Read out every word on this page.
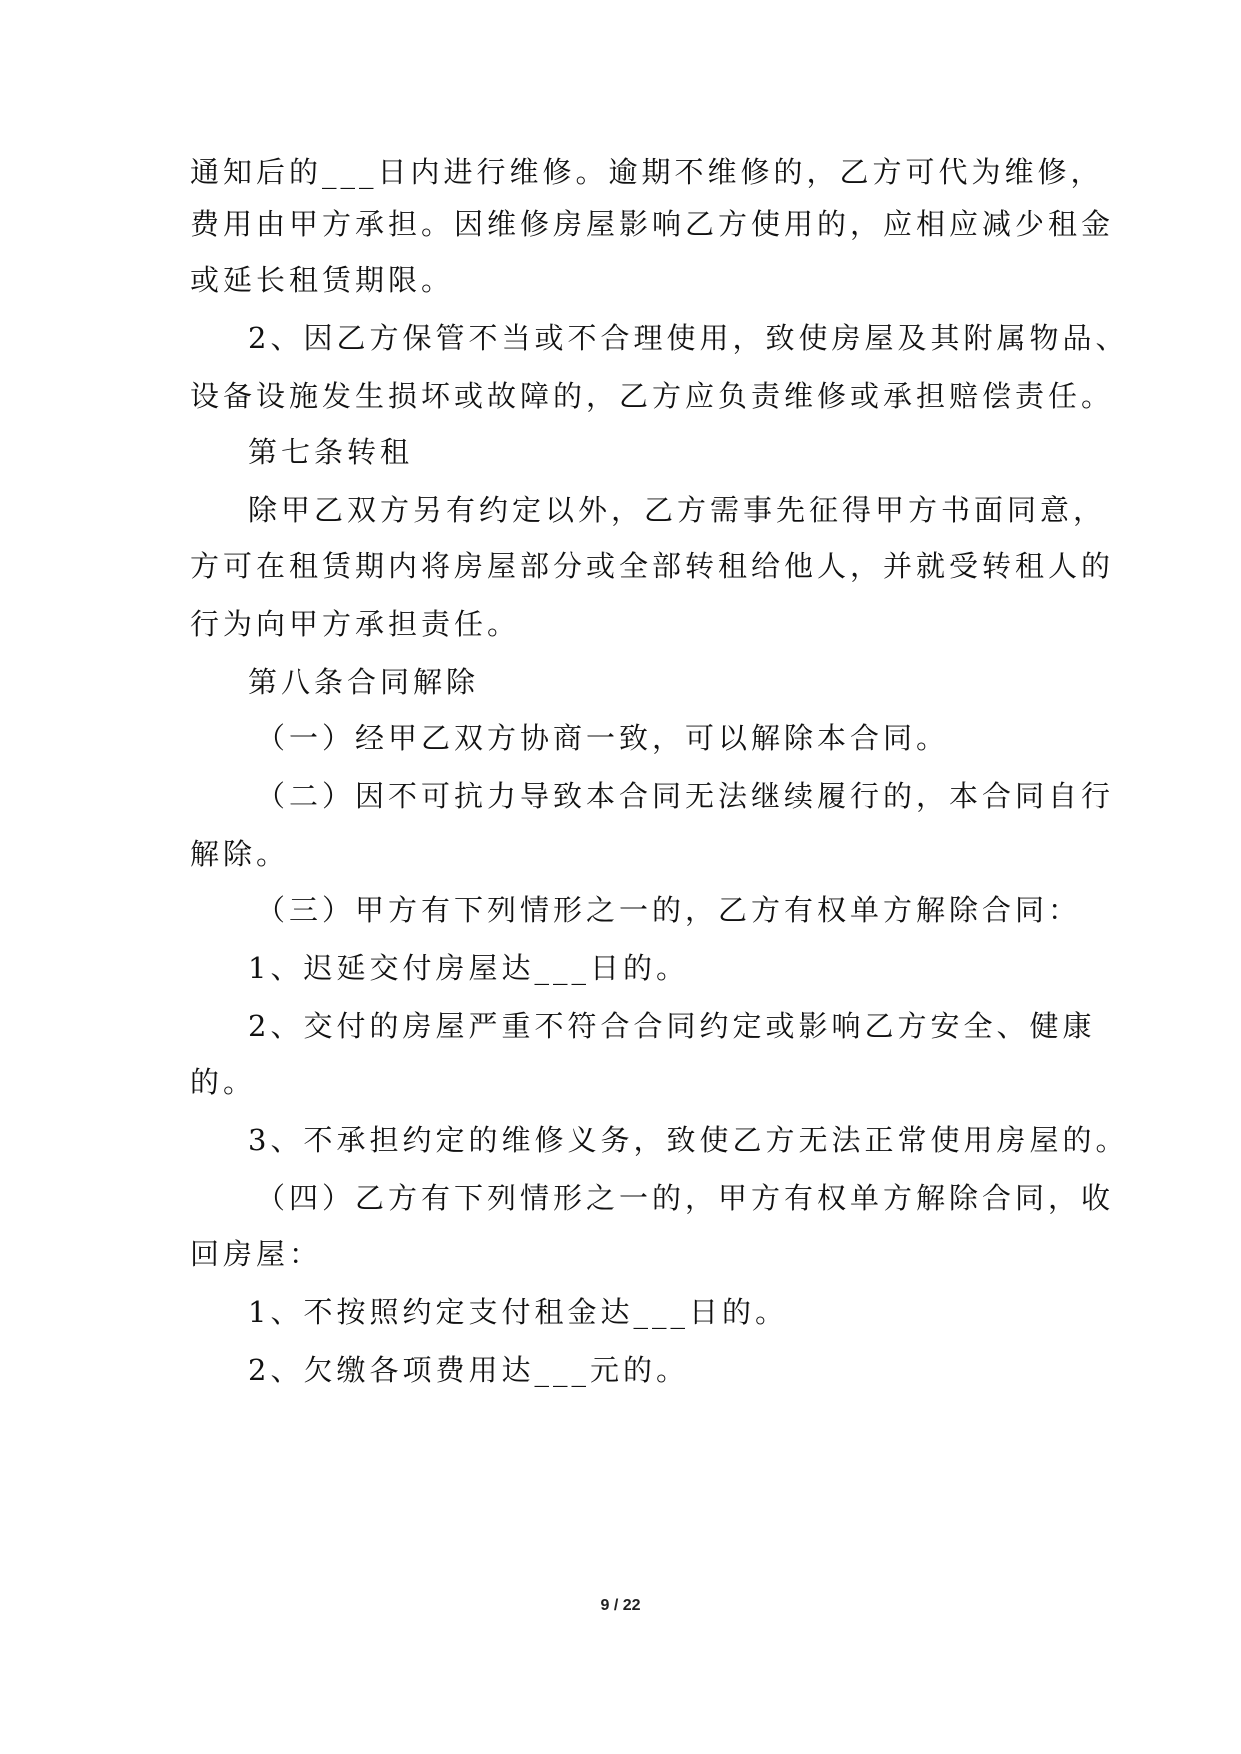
通知后的___日内进行维修。逾期不维修的，乙方可代为维修，
费用由甲方承担。因维修房屋影响乙方使用的，应相应减少租金
或延长租赁期限。
2、因乙方保管不当或不合理使用，致使房屋及其附属物品、
设备设施发生损坏或故障的，乙方应负责维修或承担赔偿责任。
第七条转租
除甲乙双方另有约定以外，乙方需事先征得甲方书面同意，
方可在租赁期内将房屋部分或全部转租给他人，并就受转租人的
行为向甲方承担责任。
第八条合同解除
（一）经甲乙双方协商一致，可以解除本合同。
（二）因不可抗力导致本合同无法继续履行的，本合同自行
解除。
（三）甲方有下列情形之一的，乙方有权单方解除合同：
1、迟延交付房屋达___日的。
2、交付的房屋严重不符合合同约定或影响乙方安全、健康
的。
3、不承担约定的维修义务，致使乙方无法正常使用房屋的。
（四）乙方有下列情形之一的，甲方有权单方解除合同，收
回房屋：
1、不按照约定支付租金达___日的。
2、欠缴各项费用达___元的。
9 / 22
